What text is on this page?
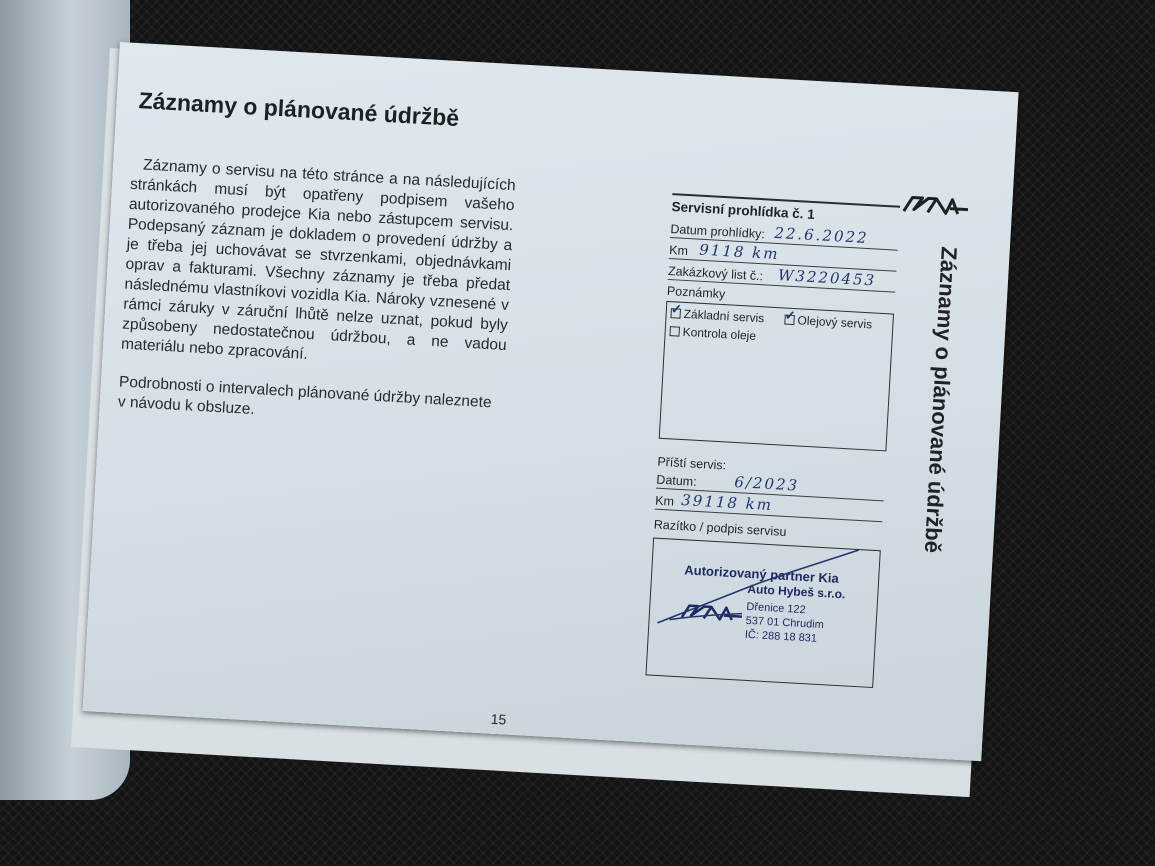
Záznamy o plánované údržbě

Záznamy o servisu na této stránce a na následujících stránkách musí být opatřeny podpisem vašeho autorizovaného prodejce Kia nebo zástupcem servisu. Podepsaný záznam je dokladem o provedení údržby a je třeba jej uchovávat se stvrzenkami, objednávkami oprav a fakturami. Všechny záznamy je třeba předat následnému vlastníkovi vozidla Kia. Nároky vznesené v rámci záruky v záruční lhůtě nelze uznat, pokud byly způsobeny nedostatečnou údržbou, a ne vadou materiálu nebo zpracování.

Podrobnosti o intervalech plánované údržby naleznete v návodu k obsluze.

15
Záznamy o plánované údržbě
Servisní prohlídka č. 1
Datum prohlídky: 22.6.2022
Km 9118 km
Zakázkový list č.: W3220453
Poznámky
✓ Základní servis ✓ Olejový servis
Kontrola oleje
Příští servis:
Datum: 6/2023
Km 39118 km
Razítko / podpis servisu
Autorizovaný partner Kia
Auto Hybeš s.r.o.
Dřenice 122
537 01 Chrudim
IČ: 288 18 831
